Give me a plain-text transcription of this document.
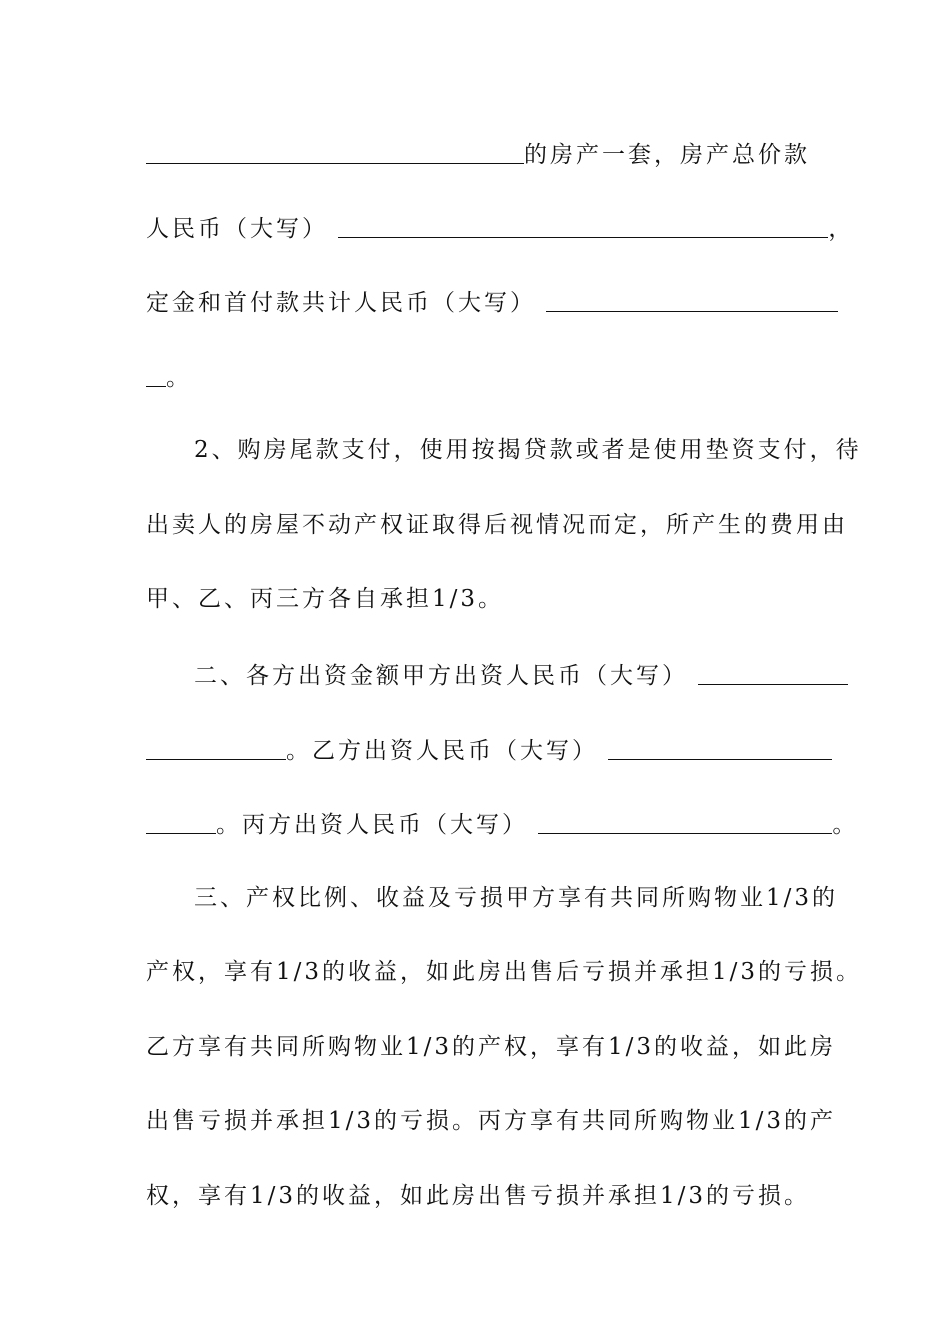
的房产一套，房产总价款
人民币（大写）	，
定金和首付款共计人民币（大写）
。
2、购房尾款支付，使用按揭贷款或者是使用垫资支付，待
出卖人的房屋不动产权证取得后视情况而定，所产生的费用由
甲、乙、丙三方各自承担1/3。
二、各方出资金额甲方出资人民币（大写）
。乙方出资人民币（大写）
。丙方出资人民币（大写）	。
三、产权比例、收益及亏损甲方享有共同所购物业1/3的
产权，享有1/3的收益，如此房出售后亏损并承担1/3的亏损。
乙方享有共同所购物业1/3的产权，享有1/3的收益，如此房
出售亏损并承担1/3的亏损。丙方享有共同所购物业1/3的产
权，享有1/3的收益，如此房出售亏损并承担1/3的亏损。
